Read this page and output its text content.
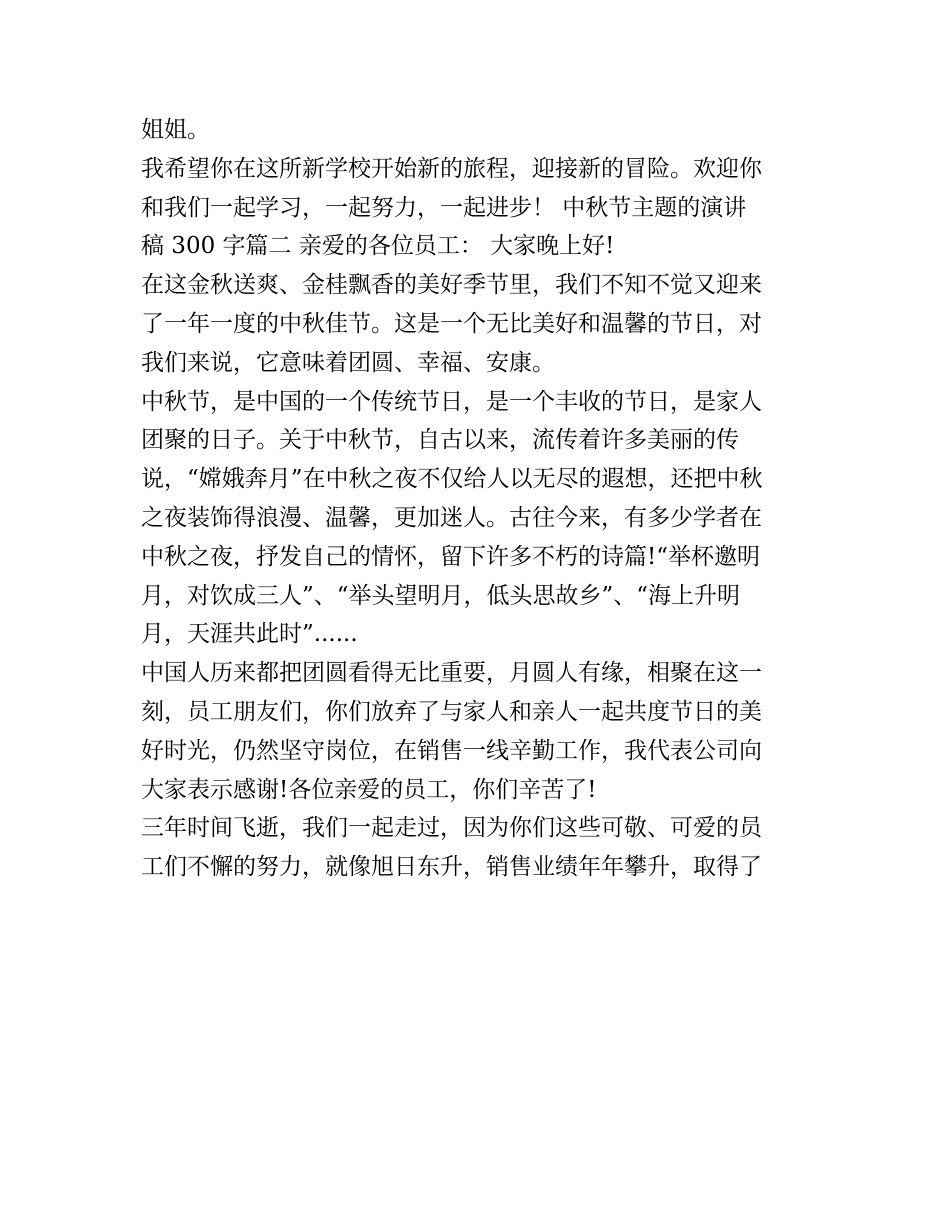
姐姐。
我希望你在这所新学校开始新的旅程，迎接新的冒险。欢迎你
和我们一起学习，一起努力，一起进步！ 中秋节主题的演讲
稿 300 字篇二 亲爱的各位员工： 大家晚上好!
在这金秋送爽、金桂飘香的美好季节里，我们不知不觉又迎来
了一年一度的中秋佳节。这是一个无比美好和温馨的节日，对
我们来说，它意味着团圆、幸福、安康。
中秋节，是中国的一个传统节日，是一个丰收的节日，是家人
团聚的日子。关于中秋节，自古以来，流传着许多美丽的传
说，“嫦娥奔月”在中秋之夜不仅给人以无尽的遐想，还把中秋
之夜装饰得浪漫、温馨，更加迷人。古往今来，有多少学者在
中秋之夜，抒发自己的情怀，留下许多不朽的诗篇!“举杯邀明
月，对饮成三人”、“举头望明月，低头思故乡”、“海上升明
月，天涯共此时”......
中国人历来都把团圆看得无比重要，月圆人有缘，相聚在这一
刻，员工朋友们，你们放弃了与家人和亲人一起共度节日的美
好时光，仍然坚守岗位，在销售一线辛勤工作，我代表公司向
大家表示感谢!各位亲爱的员工，你们辛苦了!
三年时间飞逝，我们一起走过，因为你们这些可敬、可爱的员
工们不懈的努力，就像旭日东升，销售业绩年年攀升，取得了
